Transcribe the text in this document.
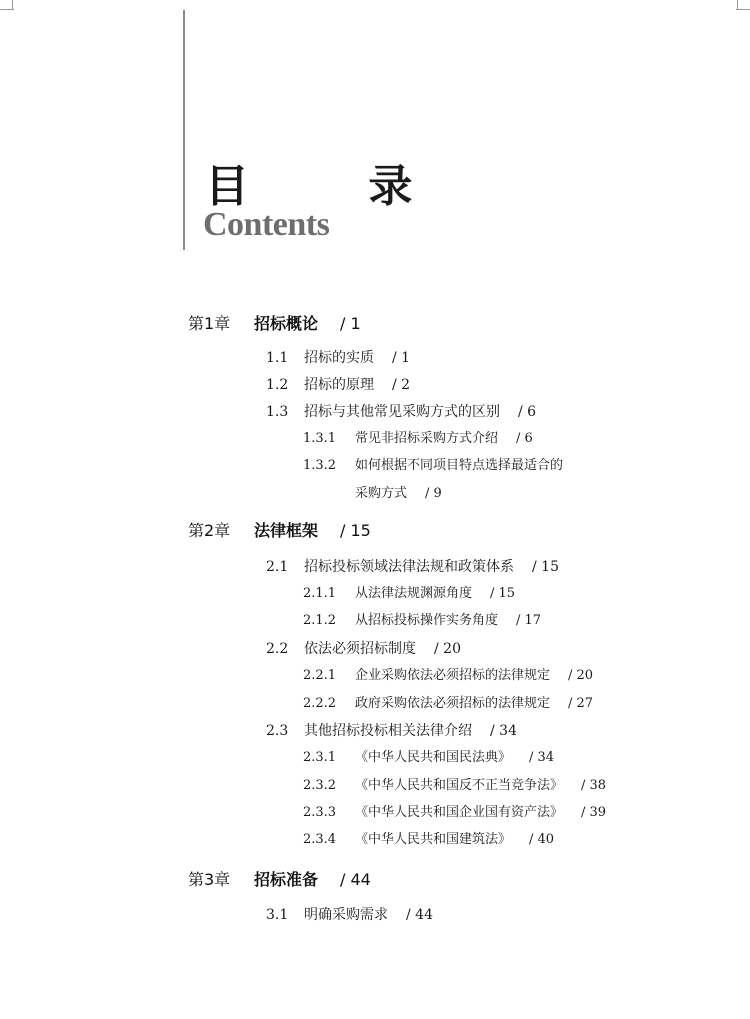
目 录
Contents
第1章 招标概论 / 1
1.1 招标的实质 / 1
1.2 招标的原理 / 2
1.3 招标与其他常见采购方式的区别 / 6
1.3.1 常见非招标采购方式介绍 / 6
1.3.2 如何根据不同项目特点选择最适合的
采购方式 / 9
第2章 法律框架 / 15
2.1 招标投标领域法律法规和政策体系 / 15
2.1.1 从法律法规渊源角度 / 15
2.1.2 从招标投标操作实务角度 / 17
2.2 依法必须招标制度 / 20
2.2.1 企业采购依法必须招标的法律规定 / 20
2.2.2 政府采购依法必须招标的法律规定 / 27
2.3 其他招标投标相关法律介绍 / 34
2.3.1 《中华人民共和国民法典》 / 34
2.3.2 《中华人民共和国反不正当竞争法》 / 38
2.3.3 《中华人民共和国企业国有资产法》 / 39
2.3.4 《中华人民共和国建筑法》 / 40
第3章 招标准备 / 44
3.1 明确采购需求 / 44
